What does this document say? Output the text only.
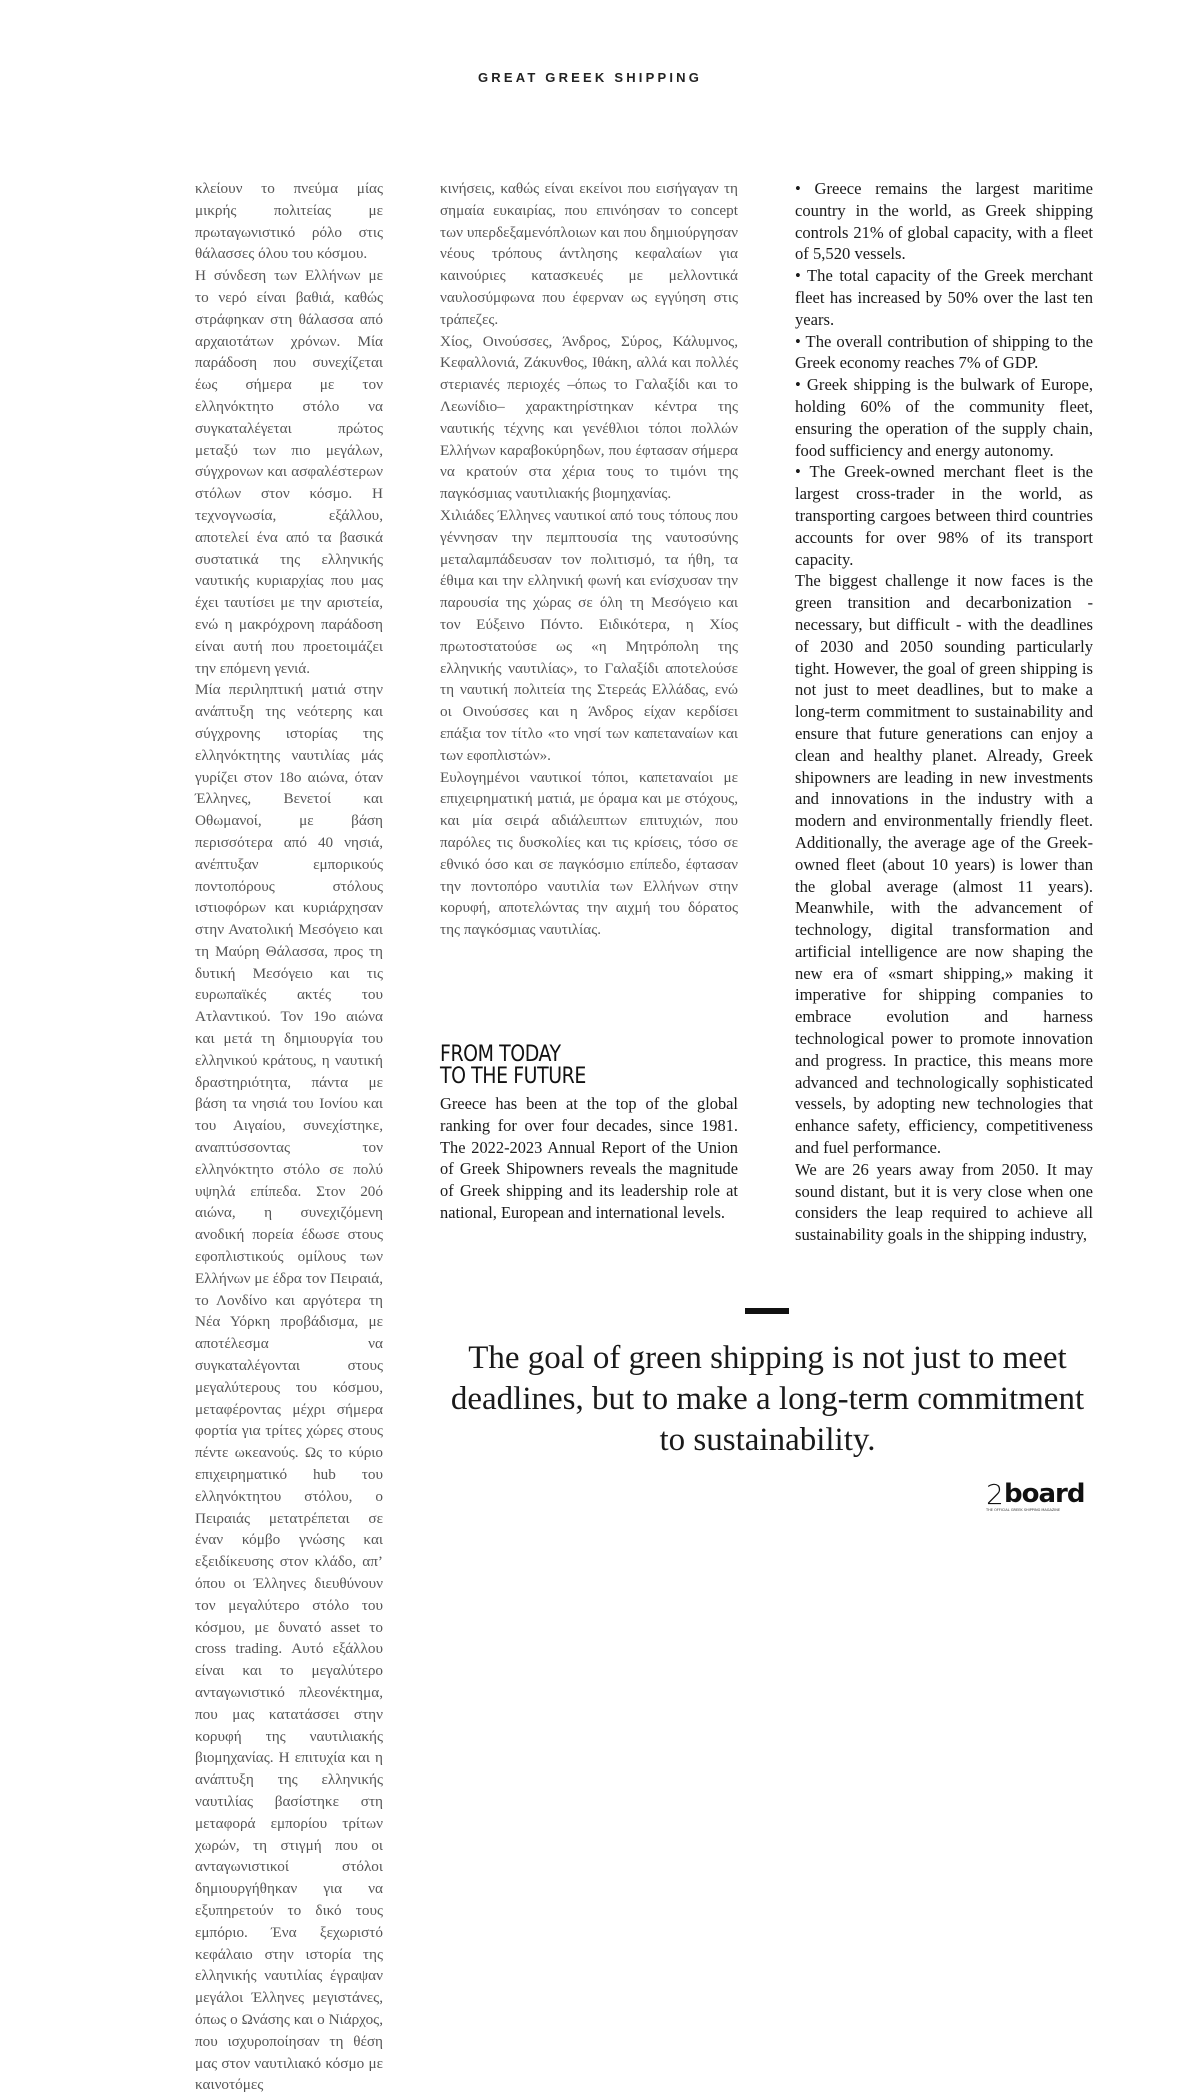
GREAT GREEK SHIPPING

κλείουν το πνεύμα μίας μικρής πολιτείας με πρωταγωνιστικό ρόλο στις θάλασσες όλου του κόσμου.

Η σύνδεση των Ελλήνων με το νερό είναι βαθιά, καθώς στράφηκαν στη θάλασσα από αρχαιοτάτων χρόνων. Μία παράδοση που συνεχίζεται έως σήμερα με τον ελληνόκτητο στόλο να συγκαταλέγεται πρώτος μεταξύ των πιο μεγάλων, σύγχρονων και ασφαλέστερων στόλων στον κόσμο. Η τεχνογνωσία, εξάλλου, αποτελεί ένα από τα βασικά συστατικά της ελληνικής ναυτικής κυριαρχίας που μας έχει ταυτίσει με την αριστεία, ενώ η μακρόχρονη παράδοση είναι αυτή που προετοιμάζει την επόμενη γενιά.

Μία περιληπτική ματιά στην ανάπτυξη της νεότερης και σύγχρονης ιστορίας της ελληνόκτητης ναυτιλίας μάς γυρίζει στον 18ο αιώνα, όταν Έλληνες, Βενετοί και Οθωμανοί, με βάση περισσότερα από 40 νησιά, ανέπτυξαν εμπορικούς ποντοπόρους στόλους ιστιοφόρων και κυριάρχησαν στην Ανατολική Μεσόγειο και τη Μαύρη Θάλασσα, προς τη δυτική Μεσόγειο και τις ευρωπαϊκές ακτές του Ατλαντικού. Τον 19ο αιώνα και μετά τη δημιουργία του ελληνικού κράτους, η ναυτική δραστηριότητα, πάντα με βάση τα νησιά του Ιονίου και του Αιγαίου, συνεχίστηκε, αναπτύσσοντας τον ελληνόκτητο στόλο σε πολύ υψηλά επίπεδα. Στον 20ό αιώνα, η συνεχιζόμενη ανοδική πορεία έδωσε στους εφοπλιστικούς ομίλους των Ελλήνων με έδρα τον Πειραιά, το Λονδίνο και αργότερα τη Νέα Υόρκη προβάδισμα, με αποτέλεσμα να συγκαταλέγονται στους μεγαλύτερους του κόσμου, μεταφέροντας μέχρι σήμερα φορτία για τρίτες χώρες στους πέντε ωκεανούς. Ως το κύριο επιχειρηματικό hub του ελληνόκτητου στόλου, ο Πειραιάς μετατρέπεται σε έναν κόμβο γνώσης και εξειδίκευσης στον κλάδο, απ’ όπου οι Έλληνες διευθύνουν τον μεγαλύτερο στόλο του κόσμου, με δυνατό asset το cross trading. Αυτό εξάλλου είναι και το μεγαλύτερο ανταγωνιστικό πλεονέκτημα, που μας κατατάσσει στην κορυφή της ναυτιλιακής βιομηχανίας. Η επιτυχία και η ανάπτυξη της ελληνικής ναυτιλίας βασίστηκε στη μεταφορά εμπορίου τρίτων χωρών, τη στιγμή που οι ανταγωνιστικοί στόλοι δημιουργήθηκαν για να εξυπηρετούν το δικό τους εμπόριο. Ένα ξεχωριστό κεφάλαιο στην ιστορία της ελληνικής ναυτιλίας έγραψαν μεγάλοι Έλληνες μεγιστάνες, όπως ο Ωνάσης και ο Νιάρχος, που ισχυροποίησαν τη θέση μας στον ναυτιλιακό κόσμο με καινοτόμες

κινήσεις, καθώς είναι εκείνοι που εισήγαγαν τη σημαία ευκαιρίας, που επινόησαν το concept των υπερδεξαμενόπλοιων και που δημιούργησαν νέους τρόπους άντλησης κεφαλαίων για καινούριες κατασκευές με μελλοντικά ναυλοσύμφωνα που έφερναν ως εγγύηση στις τράπεζες.

Χίος, Οινούσσες, Άνδρος, Σύρος, Κάλυμνος, Κεφαλλονιά, Ζάκυνθος, Ιθάκη, αλλά και πολλές στεριανές περιοχές –όπως το Γαλαξίδι και το Λεωνίδιο– χαρακτηρίστηκαν κέντρα της ναυτικής τέχνης και γενέθλιοι τόποι πολλών Ελλήνων καραβοκύρηδων, που έφτασαν σήμερα να κρατούν στα χέρια τους το τιμόνι της παγκόσμιας ναυτιλιακής βιομηχανίας.

Χιλιάδες Έλληνες ναυτικοί από τους τόπους που γέννησαν την πεμπτουσία της ναυτοσύνης μεταλαμπάδευσαν τον πολιτισμό, τα ήθη, τα έθιμα και την ελληνική φωνή και ενίσχυσαν την παρουσία της χώρας σε όλη τη Μεσόγειο και τον Εύξεινο Πόντο. Ειδικότερα, η Χίος πρωτοστατούσε ως «η Μητρόπολη της ελληνικής ναυτιλίας», το Γαλαξίδι αποτελούσε τη ναυτική πολιτεία της Στερεάς Ελλάδας, ενώ οι Οινούσσες και η Άνδρος είχαν κερδίσει επάξια τον τίτλο «το νησί των καπεταναίων και των εφοπλιστών».

Ευλογημένοι ναυτικοί τόποι, καπεταναίοι με επιχειρηματική ματιά, με όραμα και με στόχους, και μία σειρά αδιάλειπτων επιτυχιών, που παρόλες τις δυσκολίες και τις κρίσεις, τόσο σε εθνικό όσο και σε παγκόσμιο επίπεδο, έφτασαν την ποντοπόρο ναυτιλία των Ελλήνων στην κορυφή, αποτελώντας την αιχμή του δόρατος της παγκόσμιας ναυτιλίας.

FROM TODAY
TO THE FUTURE
Greece has been at the top of the global ranking for over four decades, since 1981. The 2022-2023 Annual Report of the Union of Greek Shipowners reveals the magnitude of Greek shipping and its leadership role at national, European and international levels.

• Greece remains the largest maritime country in the world, as Greek shipping controls 21% of global capacity, with a fleet of 5,520 vessels.

• The total capacity of the Greek merchant fleet has increased by 50% over the last ten years.

• The overall contribution of shipping to the Greek economy reaches 7% of GDP.

• Greek shipping is the bulwark of Europe, holding 60% of the community fleet, ensuring the operation of the supply chain, food sufficiency and energy autonomy.

• The Greek-owned merchant fleet is the largest cross-trader in the world, as transporting cargoes between third countries accounts for over 98% of its transport capacity.

The biggest challenge it now faces is the green transition and decarbonization - necessary, but difficult - with the deadlines of 2030 and 2050 sounding particularly tight. However, the goal of green shipping is not just to meet deadlines, but to make a long-term commitment to sustainability and ensure that future generations can enjoy a clean and healthy planet. Already, Greek shipowners are leading in new investments and innovations in the industry with a modern and environmentally friendly fleet. Additionally, the average age of the Greek-owned fleet (about 10 years) is lower than the global average (almost 11 years). Meanwhile, with the advancement of technology, digital transformation and artificial intelligence are now shaping the new era of «smart shipping,» making it imperative for shipping companies to embrace evolution and harness technological power to promote innovation and progress. In practice, this means more advanced and technologically sophisticated vessels, by adopting new technologies that enhance safety, efficiency, competitiveness and fuel performance.

We are 26 years away from 2050. It may sound distant, but it is very close when one considers the leap required to achieve all sustainability goals in the shipping industry,

The goal of green shipping is not just to meet deadlines, but to make a long-term commitment to sustainability.
2 board
THE OFFICIAL GREEK SHIPPING MAGAZINE
